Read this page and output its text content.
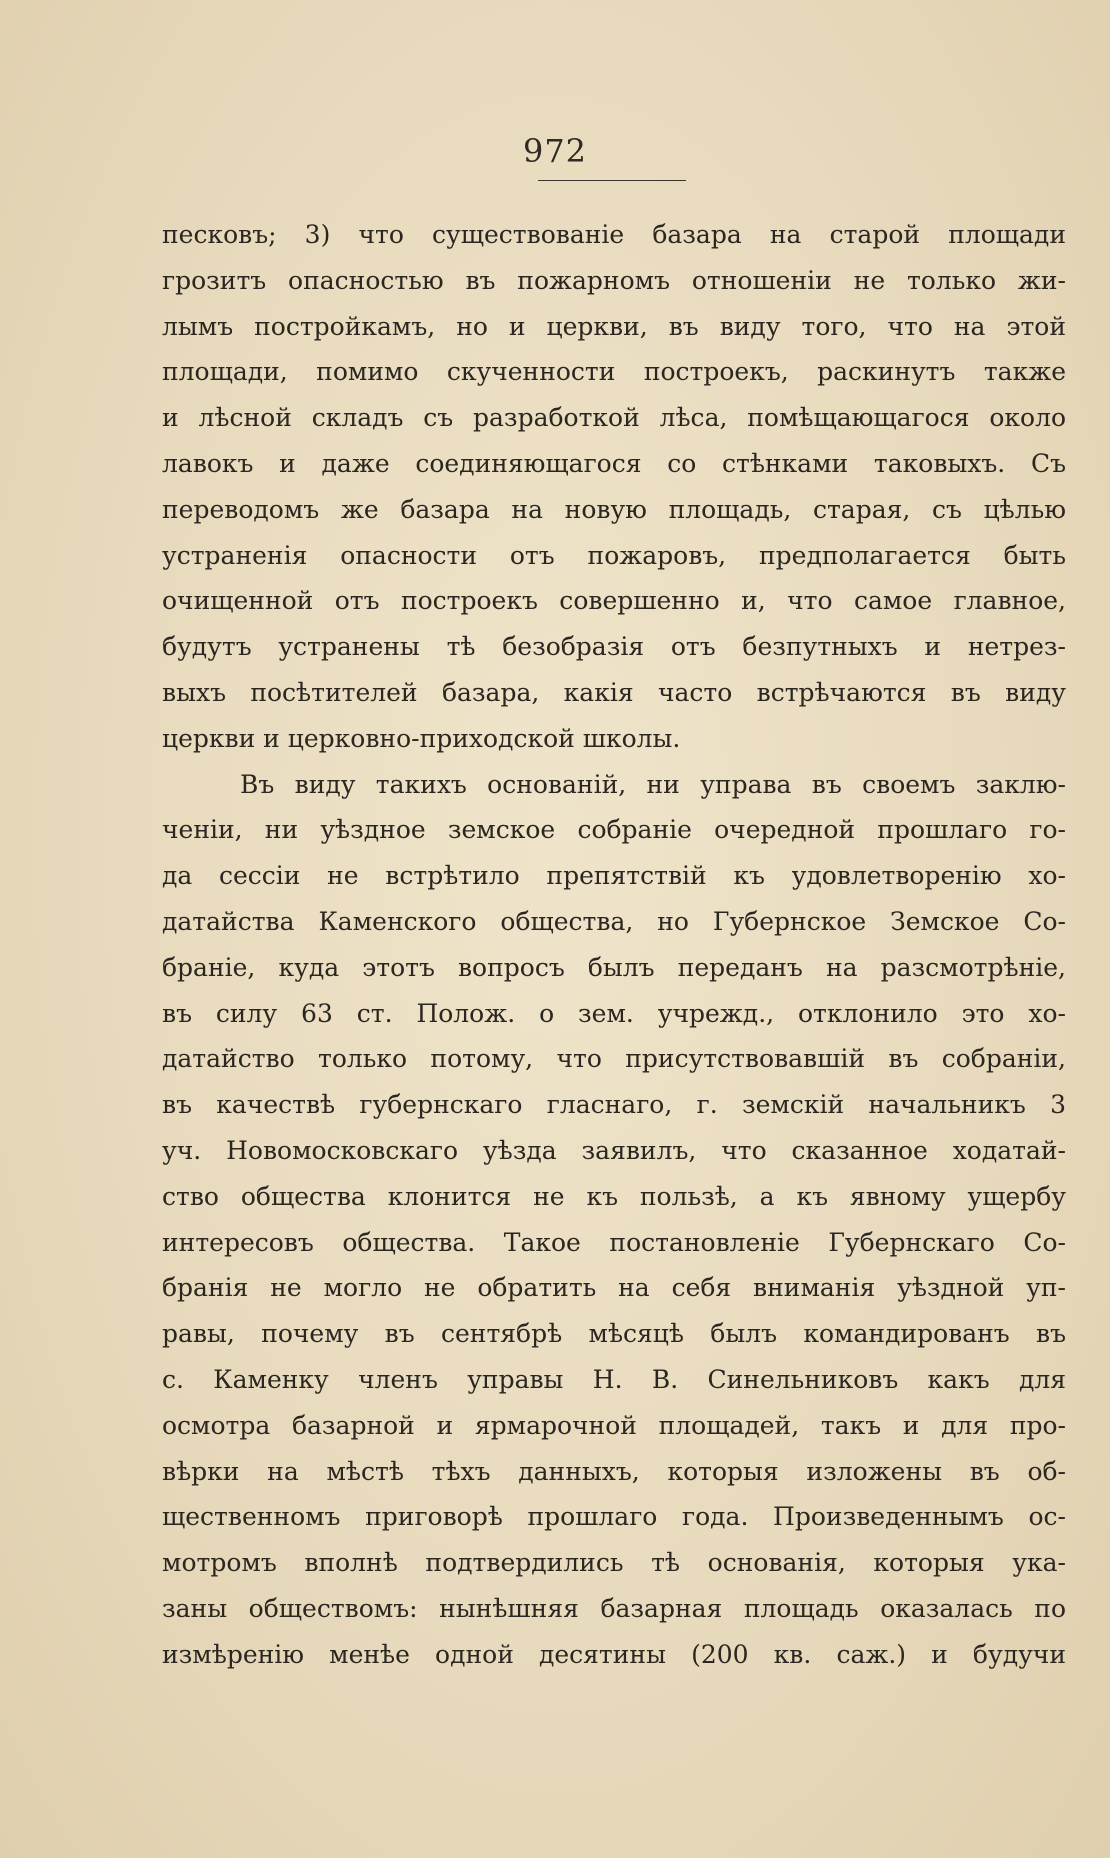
972
песковъ; 3) что существованіе базара на старой площади
грозитъ опасностью въ пожарномъ отношеніи не только жи-
лымъ постройкамъ, но и церкви, въ виду того, что на этой
площади, помимо скученности построекъ, раскинутъ также
и лѣсной складъ съ разработкой лѣса, помѣщающагося около
лавокъ и даже соединяющагося со стѣнками таковыхъ. Съ
переводомъ же базара на новую площадь, старая, съ цѣлью
устраненія опасности отъ пожаровъ, предполагается быть
очищенной отъ построекъ совершенно и, что самое главное,
будутъ устранены тѣ безобразія отъ безпутныхъ и нетрез-
выхъ посѣтителей базара, какія часто встрѣчаются въ виду
церкви и церковно-приходской школы.
Въ виду такихъ основаній, ни управа въ своемъ заклю-
ченіи, ни уѣздное земское собраніе очередной прошлаго го-
да сессіи не встрѣтило препятствій къ удовлетворенію хо-
датайства Каменского общества, но Губернское Земское Со-
браніе, куда этотъ вопросъ былъ переданъ на разсмотрѣніе,
въ силу 63 ст. Полож. о зем. учрежд., отклонило это хо-
датайство только потому, что присутствовавшій въ собраніи,
въ качествѣ губернскаго гласнаго, г. земскій начальникъ 3
уч. Новомосковскаго уѣзда заявилъ, что сказанное ходатай-
ство общества клонится не къ пользѣ, а къ явному ущербу
интересовъ общества. Такое постановленіе Губернскаго Со-
бранія не могло не обратить на себя вниманія уѣздной уп-
равы, почему въ сентябрѣ мѣсяцѣ былъ командированъ въ
с. Каменку членъ управы Н. В. Синельниковъ какъ для
осмотра базарной и ярмарочной площадей, такъ и для про-
вѣрки на мѣстѣ тѣхъ данныхъ, которыя изложены въ об-
щественномъ приговорѣ прошлаго года. Произведеннымъ ос-
мотромъ вполнѣ подтвердились тѣ основанія, которыя ука-
заны обществомъ: нынѣшняя базарная площадь оказалась по
измѣренію менѣе одной десятины (200 кв. саж.) и будучи
